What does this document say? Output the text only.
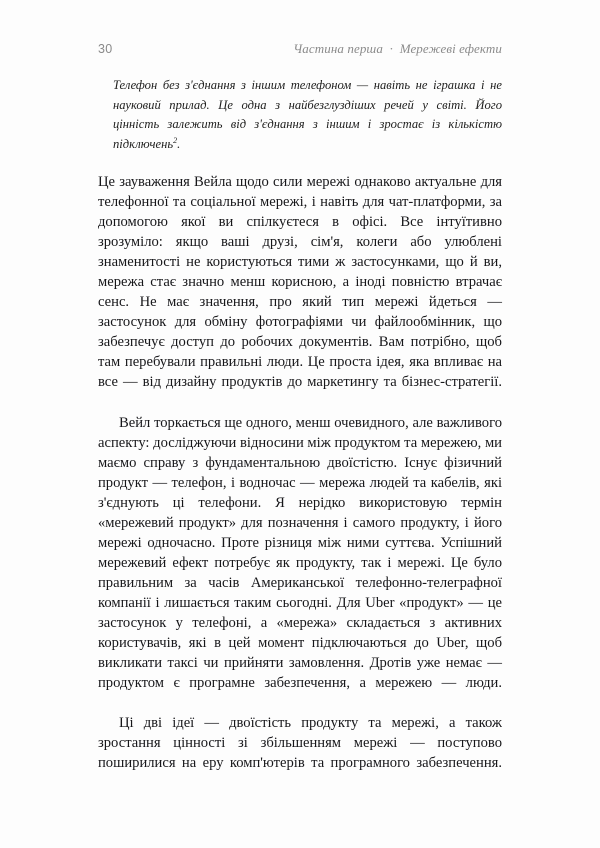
30	Частина перша  ·  Мережеві ефекти
Телефон без з'єднання з іншим телефоном — навіть не іграшка і не науковий прилад. Це одна з найбезглуздіших речей у світі. Його цінність залежить від з'єднання з іншим і зростає із кількістю підключень$^2$.

Це зауваження Вейла щодо сили мережі однаково актуальне для телефонної та соціальної мережі, і навіть для чат-платформи, за допомогою якої ви спілкуєтеся в офісі. Все інтуїтивно зрозуміло: якщо ваші друзі, сім'я, колеги або улюблені знаменитості не користуються тими ж застосунками, що й ви, мережа стає значно менш корисною, а іноді повністю втрачає сенс. Не має значення, про який тип мережі йдеться — застосунок для обміну фотографіями чи файлообмінник, що забезпечує доступ до робочих документів. Вам потрібно, щоб там перебували правильні люди. Це проста ідея, яка впливає на все — від дизайну продуктів до маркетингу та бізнес-стратегії.

Вейл торкається ще одного, менш очевидного, але важливого аспекту: досліджуючи відносини між продуктом та мережею, ми маємо справу з фундаментальною двоїстістю. Існує фізичний продукт — телефон, і водночас — мережа людей та кабелів, які з'єднують ці телефони. Я нерідко використовую термін «мережевий продукт» для позначення і самого продукту, і його мережі одночасно. Проте різниця між ними суттєва. Успішний мережевий ефект потребує як продукту, так і мережі. Це було правильним за часів Американської телефонно-телеграфної компанії і лишається таким сьогодні. Для Uber «продукт» — це застосунок у телефоні, а «мережа» складається з активних користувачів, які в цей момент підключаються до Uber, щоб викликати таксі чи прийняти замовлення. Дротів уже немає — продуктом є програмне забезпечення, а мережею — люди.

Ці дві ідеї — двоїстість продукту та мережі, а також зростання цінності зі збільшенням мережі — поступово поширилися на еру комп'ютерів та програмного забезпечення.
